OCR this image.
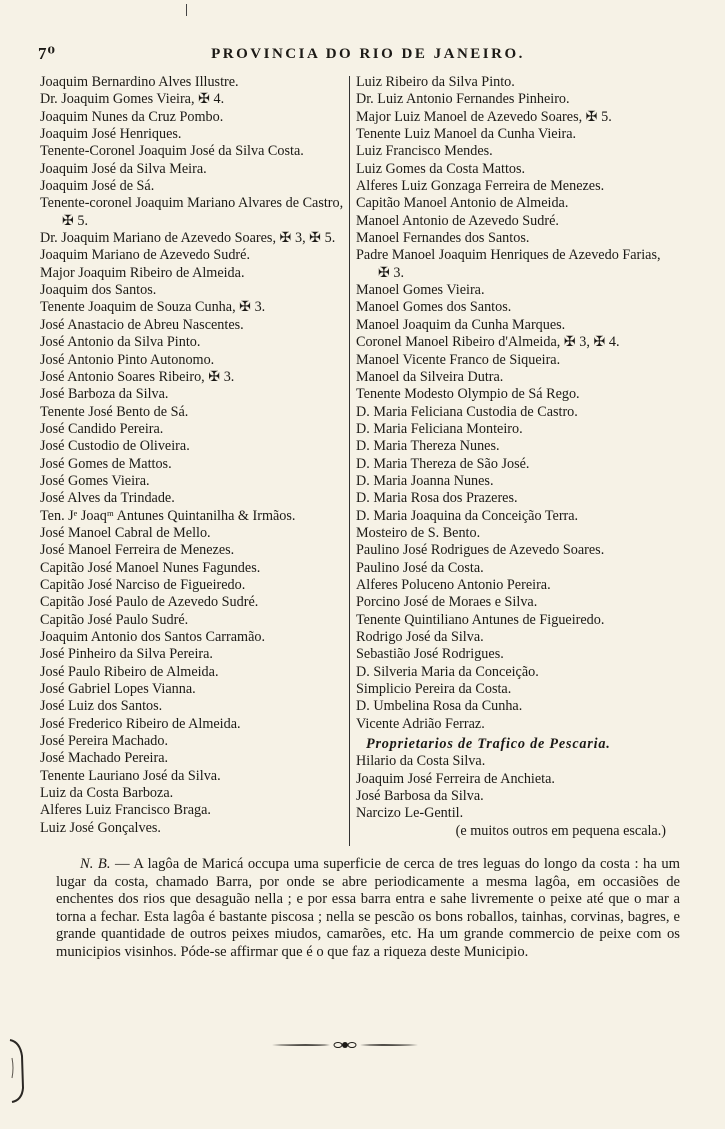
7⁰	PROVINCIA DO RIO DE JANEIRO.
Joaquim Bernardino Alves Illustre.
Dr. Joaquim Gomes Vieira, ✠ 4.
Joaquim Nunes da Cruz Pombo.
Joaquim José Henriques.
Tenente-Coronel Joaquim José da Silva Costa.
Joaquim José da Silva Meira.
Joaquim José de Sá.
Tenente-coronel Joaquim Mariano Alvares de Castro, ✠ 5.
Dr. Joaquim Mariano de Azevedo Soares, ✠ 3, ✠ 5.
Joaquim Mariano de Azevedo Sudré.
Major Joaquim Ribeiro de Almeida.
Joaquim dos Santos.
Tenente Joaquim de Souza Cunha, ✠ 3.
José Anastacio de Abreu Nascentes.
José Antonio da Silva Pinto.
José Antonio Pinto Autonomo.
José Antonio Soares Ribeiro, ✠ 3.
José Barboza da Silva.
Tenente José Bento de Sá.
José Candido Pereira.
José Custodio de Oliveira.
José Gomes de Mattos.
José Gomes Vieira.
José Alves da Trindade.
Ten. Jᵉ Joaqᵐ Antunes Quintanilha & Irmãos.
José Manoel Cabral de Mello.
José Manoel Ferreira de Menezes.
Capitão José Manoel Nunes Fagundes.
Capitão José Narciso de Figueiredo.
Capitão José Paulo de Azevedo Sudré.
Capitão José Paulo Sudré.
Joaquim Antonio dos Santos Carramão.
José Pinheiro da Silva Pereira.
José Paulo Ribeiro de Almeida.
José Gabriel Lopes Vianna.
José Luiz dos Santos.
José Frederico Ribeiro de Almeida.
José Pereira Machado.
José Machado Pereira.
Tenente Lauriano José da Silva.
Luiz da Costa Barboza.
Alferes Luiz Francisco Braga.
Luiz José Gonçalves.
Luiz Ribeiro da Silva Pinto.
Dr. Luiz Antonio Fernandes Pinheiro.
Major Luiz Manoel de Azevedo Soares, ✠ 5.
Tenente Luiz Manoel da Cunha Vieira.
Luiz Francisco Mendes.
Luiz Gomes da Costa Mattos.
Alferes Luiz Gonzaga Ferreira de Menezes.
Capitão Manoel Antonio de Almeida.
Manoel Antonio de Azevedo Sudré.
Manoel Fernandes dos Santos.
Padre Manoel Joaquim Henriques de Azevedo Farias, ✠ 3.
Manoel Gomes Vieira.
Manoel Gomes dos Santos.
Manoel Joaquim da Cunha Marques.
Coronel Manoel Ribeiro d'Almeida, ✠ 3, ✠ 4.
Manoel Vicente Franco de Siqueira.
Manoel da Silveira Dutra.
Tenente Modesto Olympio de Sá Rego.
D. Maria Feliciana Custodia de Castro.
D. Maria Feliciana Monteiro.
D. Maria Thereza Nunes.
D. Maria Thereza de São José.
D. Maria Joanna Nunes.
D. Maria Rosa dos Prazeres.
D. Maria Joaquina da Conceição Terra.
Mosteiro de S. Bento.
Paulino José Rodrigues de Azevedo Soares.
Paulino José da Costa.
Alferes Poluceno Antonio Pereira.
Porcino José de Moraes e Silva.
Tenente Quintiliano Antunes de Figueiredo.
Rodrigo José da Silva.
Sebastião José Rodrigues.
D. Silveria Maria da Conceição.
Simplicio Pereira da Costa.
D. Umbelina Rosa da Cunha.
Vicente Adrião Ferraz.
Proprietarios de Trafico de Pescaria.
Hilario da Costa Silva.
Joaquim José Ferreira de Anchieta.
José Barbosa da Silva.
Narcizo Le-Gentil.
(e muitos outros em pequena escala.)
N. B. — A lagôa de Maricá occupa uma superficie de cerca de tres leguas do longo da costa : ha um lugar da costa, chamado Barra, por onde se abre periodicamente a mesma lagôa, em occasiões de enchentes dos rios que desaguão nella ; e por essa barra entra e sahe livremente o peixe até que o mar a torna a fechar. Esta lagôa é bastante piscosa ; nella se pescão os bons roballos, tainhas, corvinas, bagres, e grande quantidade de outros peixes miudos, camarões, etc. Ha um grande commercio de peixe com os municipios visinhos. Póde-se affirmar que é o que faz a riqueza deste Municipio.
